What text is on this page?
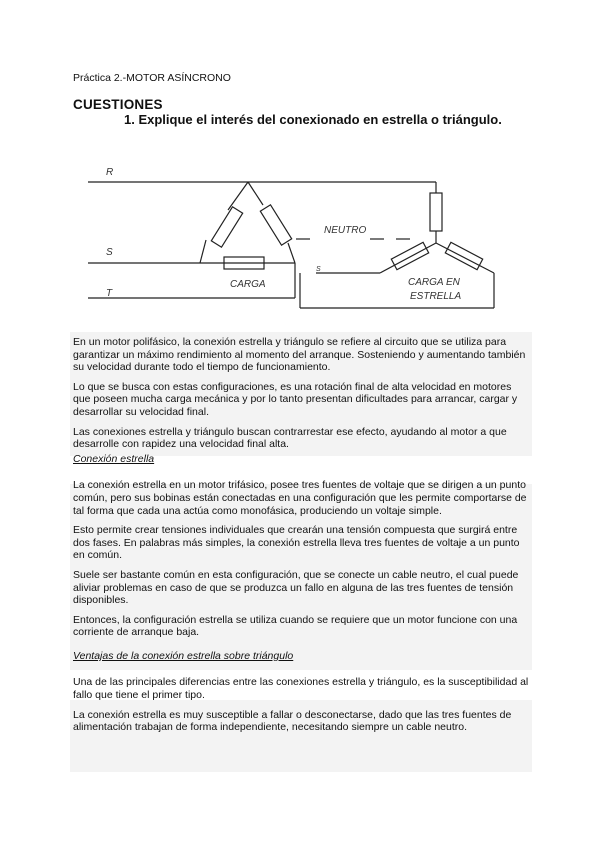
Práctica 2.-MOTOR ASÍNCRONO
CUESTIONES
1. Explique el interés del conexionado en estrella o triángulo.
R
S
T
CARGA
NEUTRO
S
CARGA EN
ESTRELLA

En un motor polifásico, la conexión estrella y triángulo se refiere al circuito que se utiliza para garantizar un máximo rendimiento al momento del arranque. Sosteniendo y aumentando también su velocidad durante todo el tiempo de funcionamiento.

Lo que se busca con estas configuraciones, es una rotación final de alta velocidad en motores que poseen mucha carga mecánica y por lo tanto presentan dificultades para arrancar, cargar y desarrollar su velocidad final.

Las conexiones estrella y triángulo buscan contrarrestar ese efecto, ayudando al motor a que desarrolle con rapidez una velocidad final alta.

Conexión estrella

La conexión estrella en un motor trifásico, posee tres fuentes de voltaje que se dirigen a un punto común, pero sus bobinas están conectadas en una configuración que les permite comportarse de tal forma que cada una actúa como monofásica, produciendo un voltaje simple.

Esto permite crear tensiones individuales que crearán una tensión compuesta que surgirá entre dos fases. En palabras más simples, la conexión estrella lleva tres fuentes de voltaje a un punto en común.

Suele ser bastante común en esta configuración, que se conecte un cable neutro, el cual puede aliviar problemas en caso de que se produzca un fallo en alguna de las tres fuentes de tensión disponibles.

Entonces, la configuración estrella se utiliza cuando se requiere que un motor funcione con una corriente de arranque baja.

Ventajas de la conexión estrella sobre triángulo

Una de las principales diferencias entre las conexiones estrella y triángulo, es la susceptibilidad al fallo que tiene el primer tipo.

La conexión estrella es muy susceptible a fallar o desconectarse, dado que las tres fuentes de alimentación trabajan de forma independiente, necesitando siempre un cable neutro.
